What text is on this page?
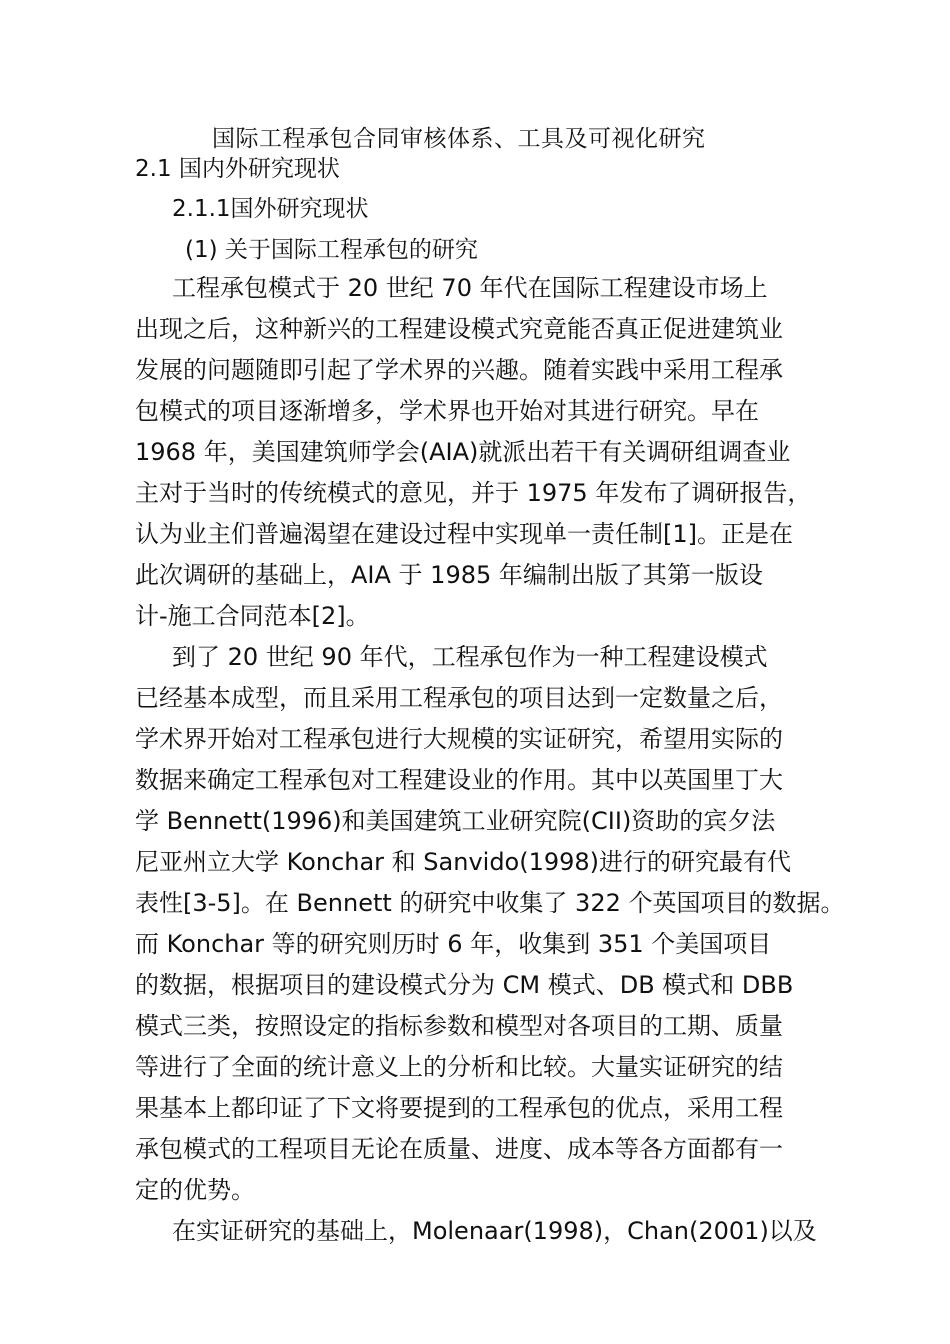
国际工程承包合同审核体系、工具及可视化研究
2.1 国内外研究现状
2.1.1国外研究现状
(1) 关于国际工程承包的研究
工程承包模式于 20 世纪 70 年代在国际工程建设市场上
出现之后，这种新兴的工程建设模式究竟能否真正促进建筑业
发展的问题随即引起了学术界的兴趣。随着实践中采用工程承
包模式的项目逐渐增多，学术界也开始对其进行研究。早在
1968 年，美国建筑师学会(AIA)就派出若干有关调研组调查业
主对于当时的传统模式的意见，并于 1975 年发布了调研报告，
认为业主们普遍渴望在建设过程中实现单一责任制[1]。正是在
此次调研的基础上，AIA 于 1985 年编制出版了其第一版设
计-施工合同范本[2]。
到了 20 世纪 90 年代，工程承包作为一种工程建设模式
已经基本成型，而且采用工程承包的项目达到一定数量之后，
学术界开始对工程承包进行大规模的实证研究，希望用实际的
数据来确定工程承包对工程建设业的作用。其中以英国里丁大
学 Bennett(1996)和美国建筑工业研究院(CII)资助的宾夕法
尼亚州立大学 Konchar 和 Sanvido(1998)进行的研究最有代
表性[3-5]。在 Bennett 的研究中收集了 322 个英国项目的数据。
而 Konchar 等的研究则历时 6 年，收集到 351 个美国项目
的数据，根据项目的建设模式分为 CM 模式、DB 模式和 DBB
模式三类，按照设定的指标参数和模型对各项目的工期、质量
等进行了全面的统计意义上的分析和比较。大量实证研究的结
果基本上都印证了下文将要提到的工程承包的优点，采用工程
承包模式的工程项目无论在质量、进度、成本等各方面都有一
定的优势。
在实证研究的基础上，Molenaar(1998)，Chan(2001)以及
